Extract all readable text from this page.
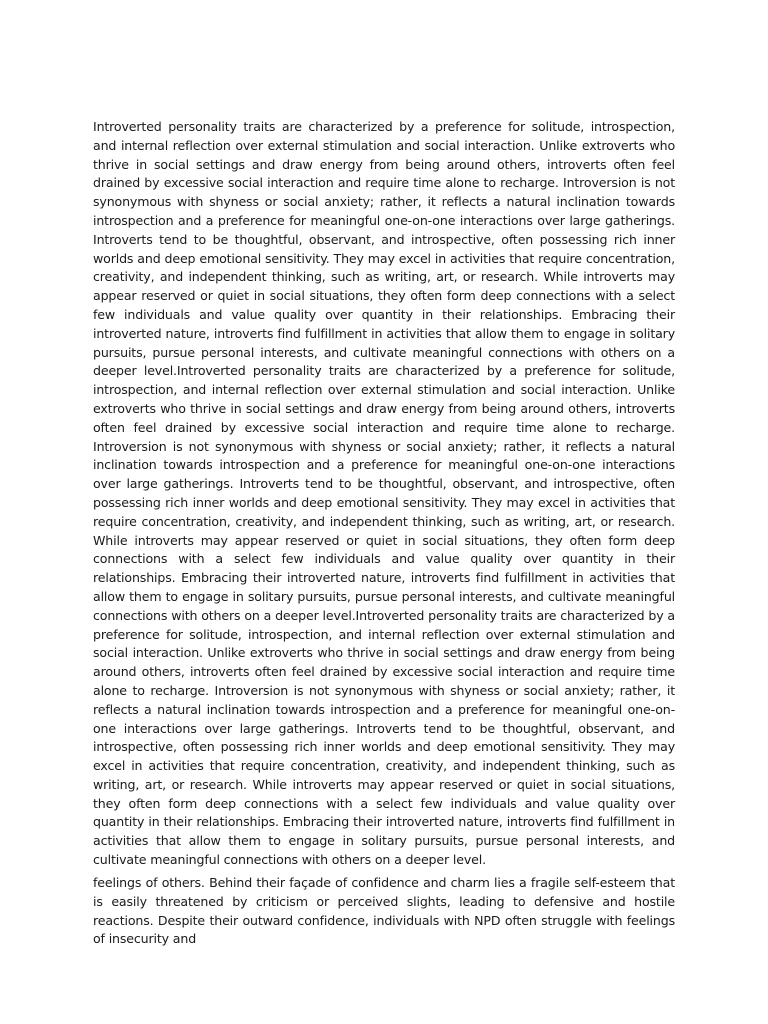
Introverted personality traits are characterized by a preference for solitude, introspection, and internal reflection over external stimulation and social interaction. Unlike extroverts who thrive in social settings and draw energy from being around others, introverts often feel drained by excessive social interaction and require time alone to recharge. Introversion is not synonymous with shyness or social anxiety; rather, it reflects a natural inclination towards introspection and a preference for meaningful one-on-one interactions over large gatherings. Introverts tend to be thoughtful, observant, and introspective, often possessing rich inner worlds and deep emotional sensitivity. They may excel in activities that require concentration, creativity, and independent thinking, such as writing, art, or research. While introverts may appear reserved or quiet in social situations, they often form deep connections with a select few individuals and value quality over quantity in their relationships. Embracing their introverted nature, introverts find fulfillment in activities that allow them to engage in solitary pursuits, pursue personal interests, and cultivate meaningful connections with others on a deeper level.Introverted personality traits are characterized by a preference for solitude, introspection, and internal reflection over external stimulation and social interaction. Unlike extroverts who thrive in social settings and draw energy from being around others, introverts often feel drained by excessive social interaction and require time alone to recharge. Introversion is not synonymous with shyness or social anxiety; rather, it reflects a natural inclination towards introspection and a preference for meaningful one-on-one interactions over large gatherings. Introverts tend to be thoughtful, observant, and introspective, often possessing rich inner worlds and deep emotional sensitivity. They may excel in activities that require concentration, creativity, and independent thinking, such as writing, art, or research. While introverts may appear reserved or quiet in social situations, they often form deep connections with a select few individuals and value quality over quantity in their relationships. Embracing their introverted nature, introverts find fulfillment in activities that allow them to engage in solitary pursuits, pursue personal interests, and cultivate meaningful connections with others on a deeper level.Introverted personality traits are characterized by a preference for solitude, introspection, and internal reflection over external stimulation and social interaction. Unlike extroverts who thrive in social settings and draw energy from being around others, introverts often feel drained by excessive social interaction and require time alone to recharge. Introversion is not synonymous with shyness or social anxiety; rather, it reflects a natural inclination towards introspection and a preference for meaningful one-on-one interactions over large gatherings. Introverts tend to be thoughtful, observant, and introspective, often possessing rich inner worlds and deep emotional sensitivity. They may excel in activities that require concentration, creativity, and independent thinking, such as writing, art, or research. While introverts may appear reserved or quiet in social situations, they often form deep connections with a select few individuals and value quality over quantity in their relationships. Embracing their introverted nature, introverts find fulfillment in activities that allow them to engage in solitary pursuits, pursue personal interests, and cultivate meaningful connections with others on a deeper level.

feelings of others. Behind their façade of confidence and charm lies a fragile self-esteem that is easily threatened by criticism or perceived slights, leading to defensive and hostile reactions. Despite their outward confidence, individuals with NPD often struggle with feelings of insecurity and
